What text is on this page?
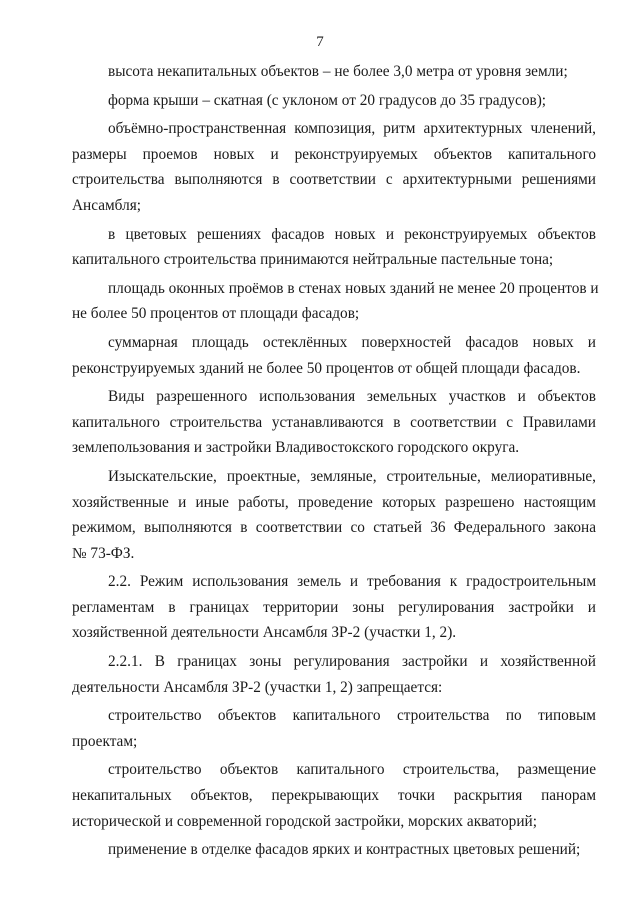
7
высота некапитальных объектов – не более 3,0 метра от уровня земли;
форма крыши – скатная (с уклоном от 20 градусов до 35 градусов);
объёмно-пространственная композиция, ритм архитектурных членений,
размеры проемов новых и реконструируемых объектов капитального
строительства выполняются в соответствии с архитектурными решениями
Ансамбля;
в цветовых решениях фасадов новых и реконструируемых объектов
капитального строительства принимаются нейтральные пастельные тона;
площадь оконных проёмов в стенах новых зданий не менее 20 процентов и
не более 50 процентов от площади фасадов;
суммарная площадь остеклённых поверхностей фасадов новых и
реконструируемых зданий не более 50 процентов от общей площади фасадов.
Виды разрешенного использования земельных участков и объектов
капитального строительства устанавливаются в соответствии с Правилами
землепользования и застройки Владивостокского городского округа.
Изыскательские, проектные, земляные, строительные, мелиоративные,
хозяйственные и иные работы, проведение которых разрешено настоящим
режимом, выполняются в соответствии со статьей 36 Федерального закона
№ 73-ФЗ.
2.2. Режим использования земель и требования к градостроительным
регламентам в границах территории зоны регулирования застройки и
хозяйственной деятельности Ансамбля ЗР-2 (участки 1, 2).
2.2.1. В границах зоны регулирования застройки и хозяйственной
деятельности Ансамбля ЗР-2 (участки 1, 2) запрещается:
строительство объектов капитального строительства по типовым
проектам;
строительство объектов капитального строительства, размещение
некапитальных объектов, перекрывающих точки раскрытия панорам
исторической и современной городской застройки, морских акваторий;
применение в отделке фасадов ярких и контрастных цветовых решений;
